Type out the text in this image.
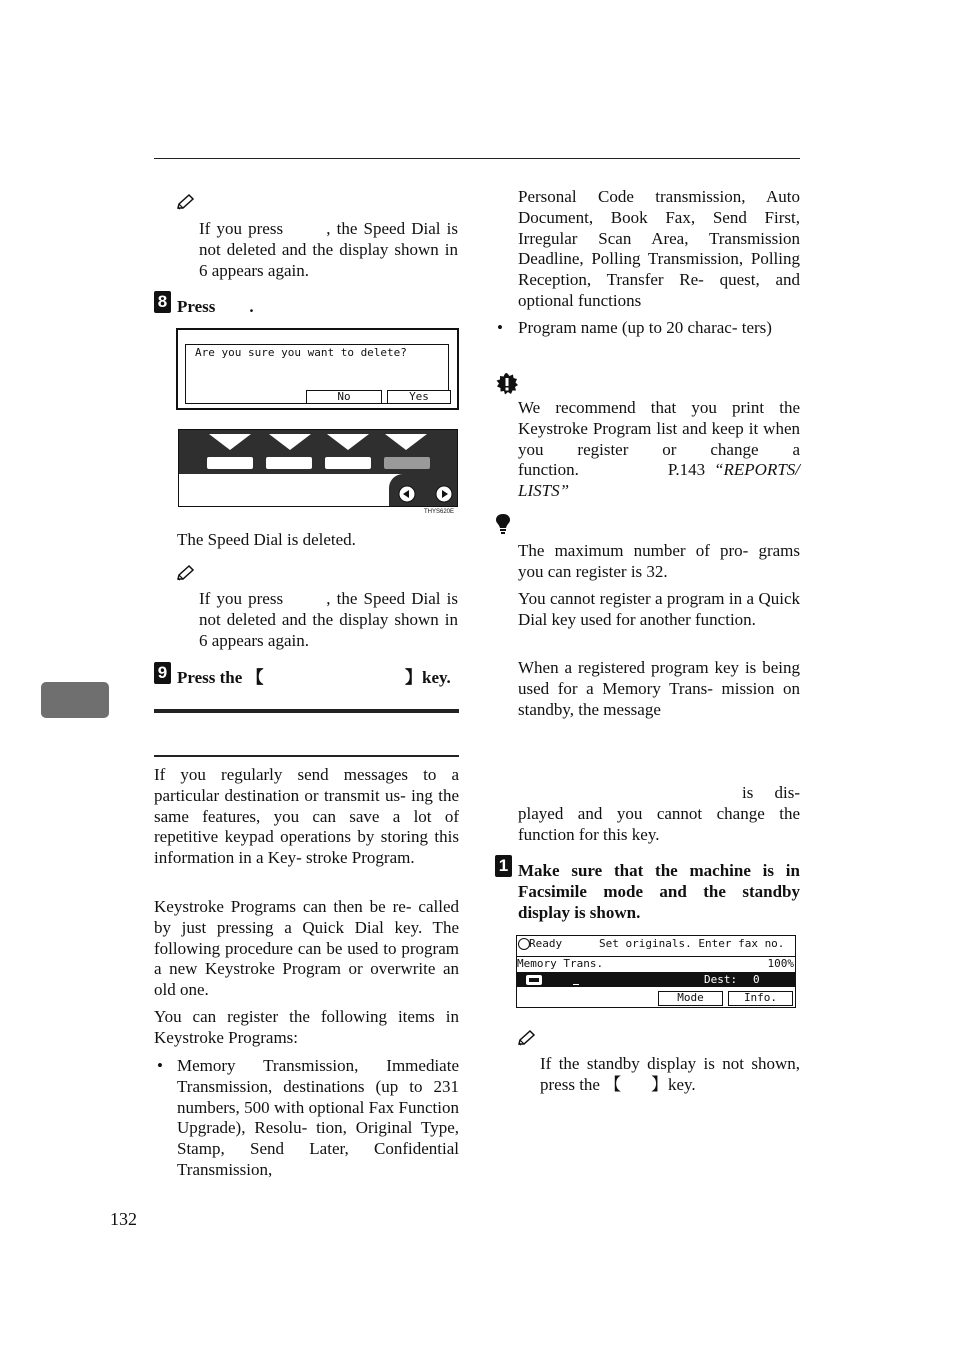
If you press       , the Speed Dial is not deleted and the display shown in 6 appears again.
8 Press        .
Are you sure you want to delete?
No	Yes
THYS620E
The Speed Dial is deleted.
If you press       , the Speed Dial is not deleted and the display shown in 6 appears again.
9 Press the 【	】key.
If you regularly send messages to a particular destination or transmit us- ing the same features, you can save a lot of repetitive keypad operations by storing this information in a Key- stroke Program.
Keystroke Programs can then be re- called by just pressing a Quick Dial key. The following procedure can be used to program a new Keystroke Program or overwrite an old one.
You can register the following items in Keystroke Programs:
• Memory Transmission, Immediate Transmission, destinations (up to 231 numbers, 500 with optional Fax Function Upgrade), Resolu- tion, Original Type, Stamp, Send Later, Confidential Transmission,
132
Personal Code transmission, Auto Document, Book Fax, Send First, Irregular Scan Area, Transmission Deadline, Polling Transmission, Polling Reception, Transfer Re- quest, and optional functions
• Program name (up to 20 charac- ters)
We recommend that you print the Keystroke Program list and keep it when you register or change a function.	P.143 “REPORTS/ LISTS”
The maximum number of pro- grams you can register is 32.
You cannot register a program in a Quick Dial key used for another function.
When a registered program key is being used for a Memory Trans- mission on standby, the message
is dis-
played and you cannot change the function for this key.
1 Make sure that the machine is in Facsimile mode and the standby display is shown.
Ready	Set originals. Enter fax no.
Memory Trans.	100%
Dest: 0
Mode	Info.
If the standby display is not shown, press the 【 】key.
